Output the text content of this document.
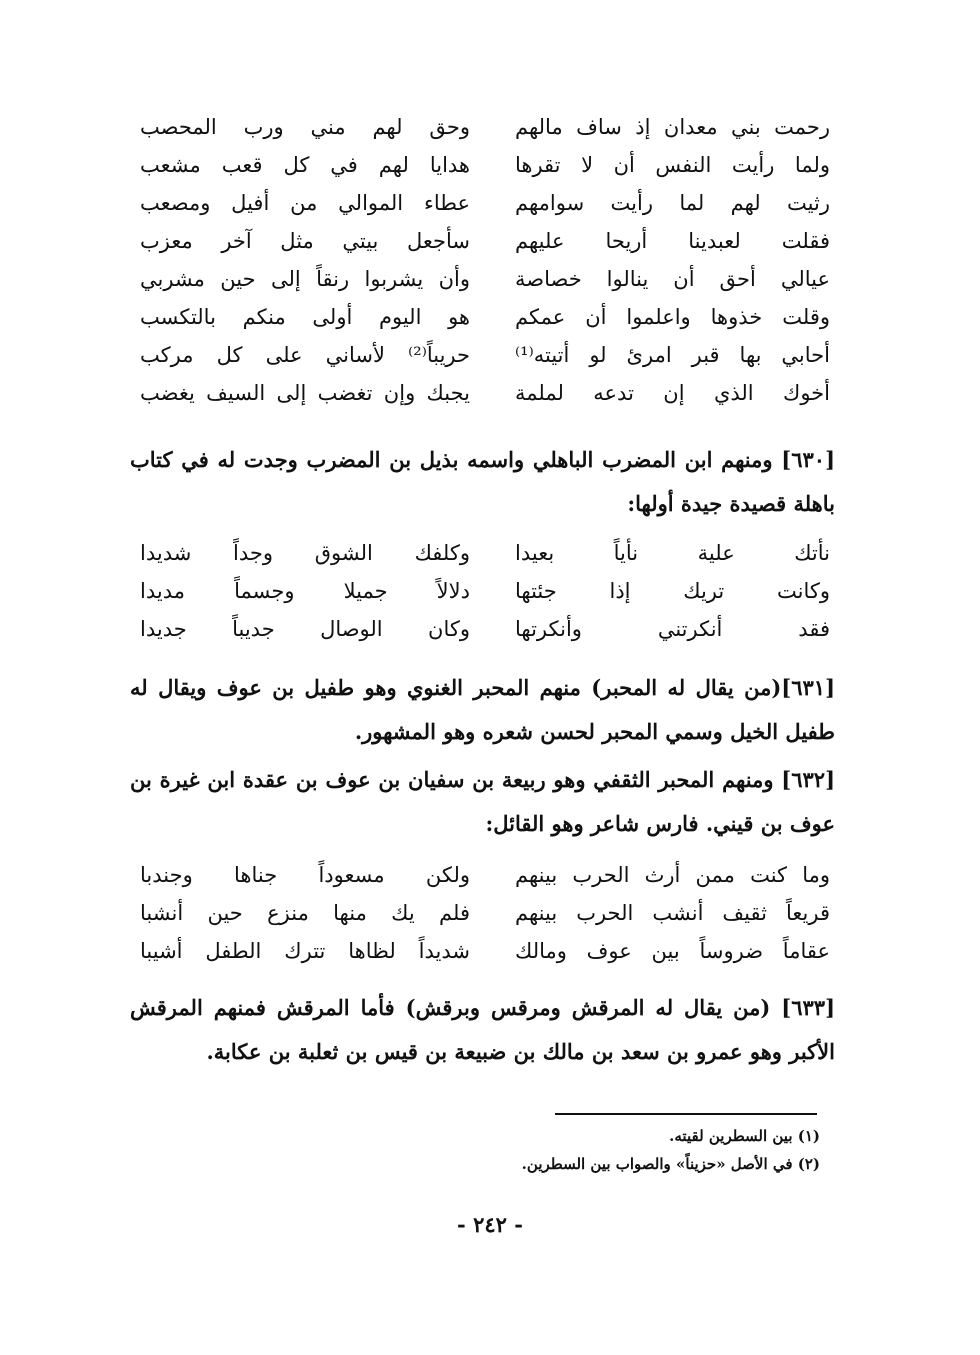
رحمت بني معدان إذ ساف مالهم
وحق لهم مني ورب المحصب
ولما رأيت النفس أن لا تقرها
هدايا لهم في كل قعب مشعب
رثيت لهم لما رأيت سوامهم
عطاء الموالي من أفيل ومصعب
فقلت لعبدينا أريحا عليهم
سأجعل بيتي مثل آخر معزب
عيالي أحق أن ينالوا خصاصة
وأن يشربوا رنقاً إلى حين مشربي
وقلت خذوها واعلموا أن عمكم
هو اليوم أولى منكم بالتكسب
أحابي بها قبر امرئ لو أتيته⁽¹⁾
حريباً⁽²⁾ لأساني على كل مركب
أخوك الذي إن تدعه لملمة
يجبك وإن تغضب إلى السيف يغضب
[٦٣٠] ومنهم ابن المضرب الباهلي واسمه بذيل بن المضرب وجدت له في كتاب باهلة قصيدة جيدة أولها:
نأتك علية نأياً بعيدا
وكلفك الشوق وجداً شديدا
وكانت تريك إذا جئتها
دلالاً جميلا وجسماً مديدا
فقد أنكرتني وأنكرتها
وكان الوصال جديباً جديدا
[٦٣١](من يقال له المحبر) منهم المحبر الغنوي وهو طفيل بن عوف ويقال له طفيل الخيل وسمي المحبر لحسن شعره وهو المشهور.
[٦٣٢] ومنهم المحبر الثقفي وهو ربيعة بن سفيان بن عوف بن عقدة ابن غيرة بن عوف بن قيني. فارس شاعر وهو القائل:
وما كنت ممن أرث الحرب بينهم
ولكن مسعوداً جناها وجندبا
قريعاً ثقيف أنشب الحرب بينهم
فلم يك منها منزع حين أنشبا
عقاماً ضروساً بين عوف ومالك
شديداً لظاها تترك الطفل أشيبا
[٦٣٣] (من يقال له المرقش ومرقس وبرقش) فأما المرقش فمنهم المرقش الأكبر وهو عمرو بن سعد بن مالك بن ضبيعة بن قيس بن ثعلبة بن عكابة.
(١) بين السطرين لقيته.
(٢) في الأصل «حزيناً» والصواب بين السطرين.
- ٢٤٢ -
